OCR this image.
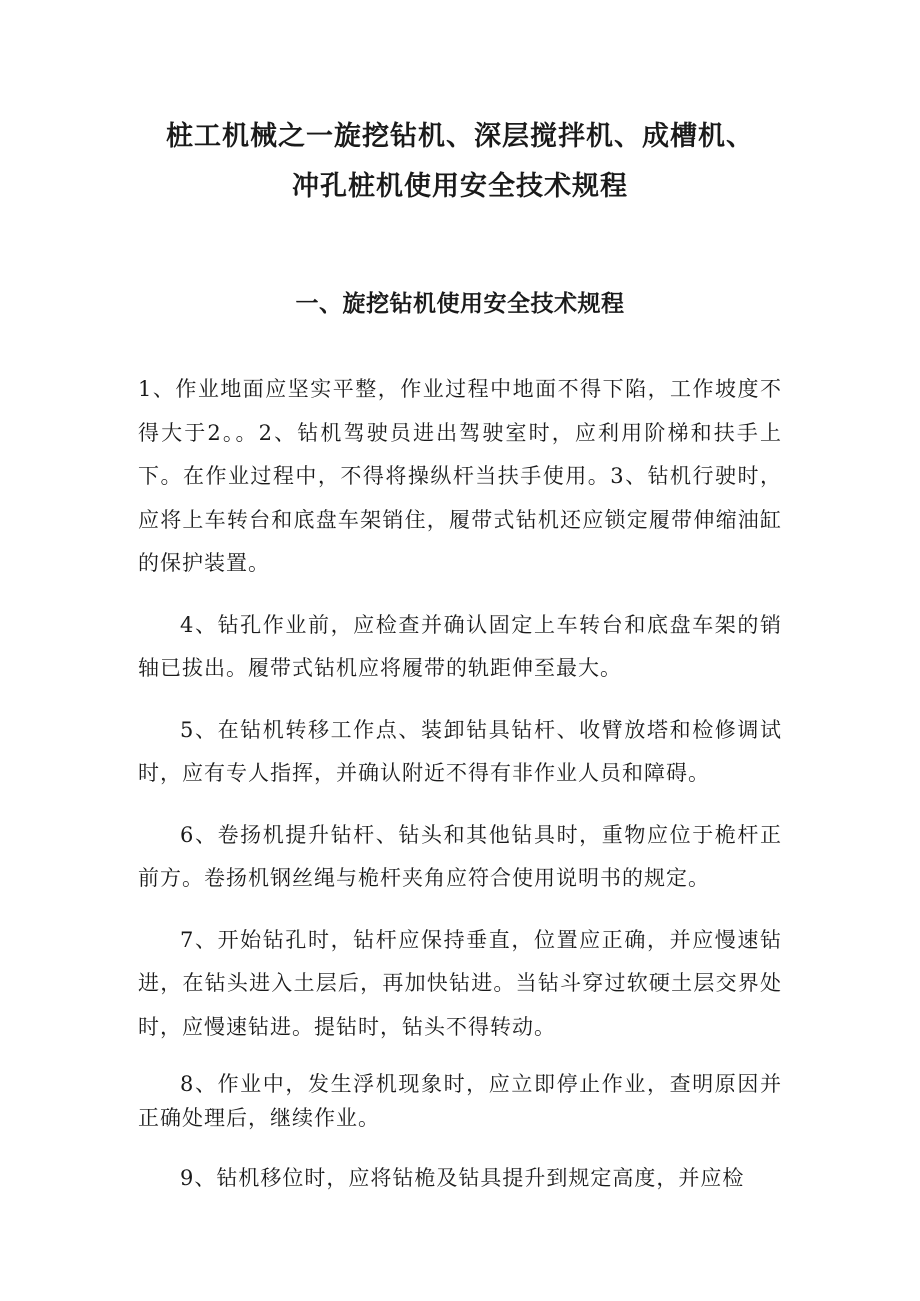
桩工机械之一旋挖钻机、深层搅拌机、成槽机、
冲孔桩机使用安全技术规程
一、旋挖钻机使用安全技术规程

1、作业地面应坚实平整，作业过程中地面不得下陷，工作坡度不得大于2。。2、钻机驾驶员进出驾驶室时，应利用阶梯和扶手上下。在作业过程中，不得将操纵杆当扶手使用。3、钻机行驶时，应将上车转台和底盘车架销住，履带式钻机还应锁定履带伸缩油缸的保护装置。

4、钻孔作业前，应检查并确认固定上车转台和底盘车架的销轴已拔出。履带式钻机应将履带的轨距伸至最大。

5、在钻机转移工作点、装卸钻具钻杆、收臂放塔和检修调试时，应有专人指挥，并确认附近不得有非作业人员和障碍。

6、卷扬机提升钻杆、钻头和其他钻具时，重物应位于桅杆正前方。卷扬机钢丝绳与桅杆夹角应符合使用说明书的规定。

7、开始钻孔时，钻杆应保持垂直，位置应正确，并应慢速钻进，在钻头进入土层后，再加快钻进。当钻斗穿过软硬土层交界处时，应慢速钻进。提钻时，钻头不得转动。

8、作业中，发生浮机现象时，应立即停止作业，查明原因并正确处理后，继续作业。

9、钻机移位时，应将钻桅及钻具提升到规定高度，并应检
